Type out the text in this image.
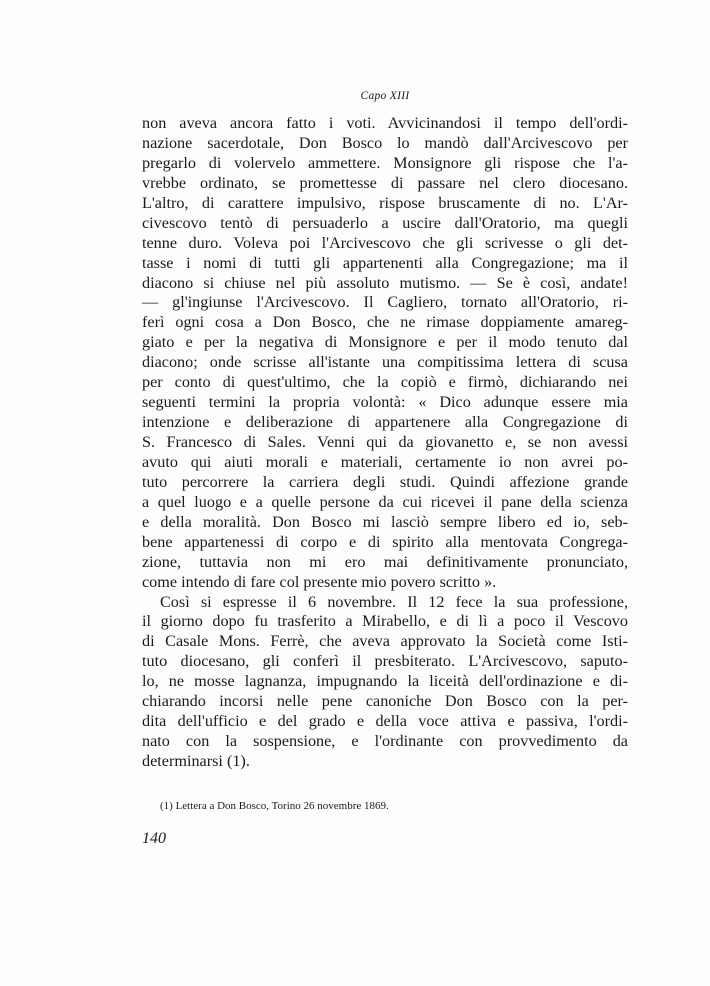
Capo XIII
non aveva ancora fatto i voti. Avvicinandosi il tempo dell'ordi-
nazione sacerdotale, Don Bosco lo mandò dall'Arcivescovo per
pregarlo di volervelo ammettere. Monsignore gli rispose che l'a-
vrebbe ordinato, se promettesse di passare nel clero diocesano.
L'altro, di carattere impulsivo, rispose bruscamente di no. L'Ar-
civescovo tentò di persuaderlo a uscire dall'Oratorio, ma quegli
tenne duro. Voleva poi l'Arcivescovo che gli scrivesse o gli det-
tasse i nomi di tutti gli appartenenti alla Congregazione; ma il
diacono si chiuse nel più assoluto mutismo. — Se è così, andate!
— gl'ingiunse l'Arcivescovo. Il Cagliero, tornato all'Oratorio, ri-
ferì ogni cosa a Don Bosco, che ne rimase doppiamente amareg-
giato e per la negativa di Monsignore e per il modo tenuto dal
diacono; onde scrisse all'istante una compitissima lettera di scusa
per conto di quest'ultimo, che la copiò e firmò, dichiarando nei
seguenti termini la propria volontà: « Dico adunque essere mia
intenzione e deliberazione di appartenere alla Congregazione di
S. Francesco di Sales. Venni qui da giovanetto e, se non avessi
avuto qui aiuti morali e materiali, certamente io non avrei po-
tuto percorrere la carriera degli studi. Quindi affezione grande
a quel luogo e a quelle persone da cui ricevei il pane della scienza
e della moralità. Don Bosco mi lasciò sempre libero ed io, seb-
bene appartenessi di corpo e di spirito alla mentovata Congrega-
zione, tuttavia non mi ero mai definitivamente pronunciato,
come intendo di fare col presente mio povero scritto ».
Così si espresse il 6 novembre. Il 12 fece la sua professione,
il giorno dopo fu trasferito a Mirabello, e di lì a poco il Vescovo
di Casale Mons. Ferrè, che aveva approvato la Società come Isti-
tuto diocesano, gli conferì il presbiterato. L'Arcivescovo, saputo-
lo, ne mosse lagnanza, impugnando la liceità dell'ordinazione e di-
chiarando incorsi nelle pene canoniche Don Bosco con la per-
dita dell'ufficio e del grado e della voce attiva e passiva, l'ordi-
nato con la sospensione, e l'ordinante con provvedimento da
determinarsi (1).
(1) Lettera a Don Bosco, Torino 26 novembre 1869.
140
